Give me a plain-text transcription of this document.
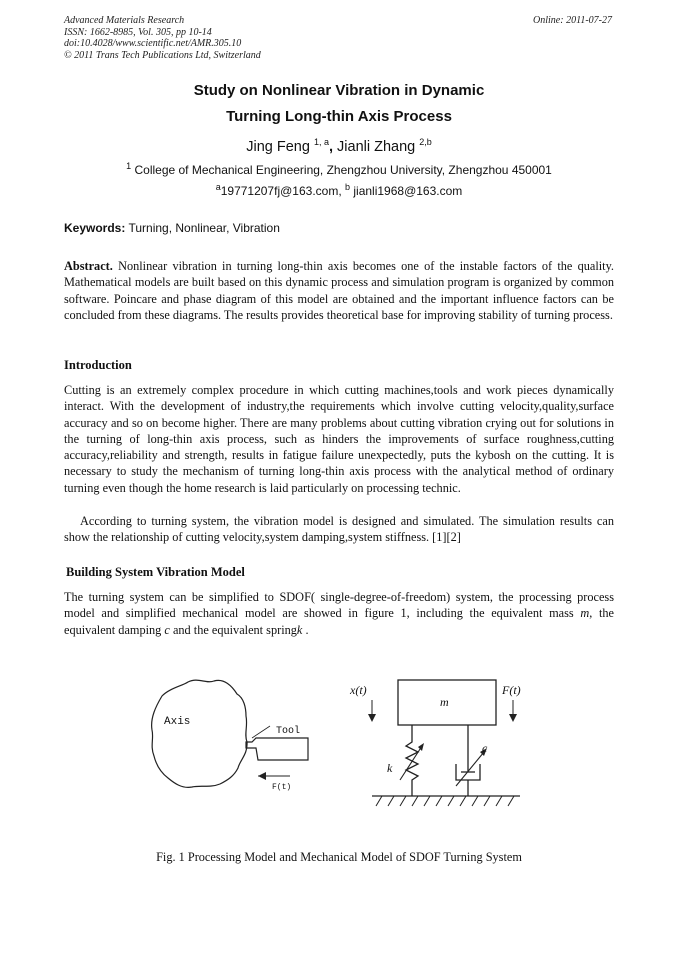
Advanced Materials Research
ISSN: 1662-8985, Vol. 305, pp 10-14
doi:10.4028/www.scientific.net/AMR.305.10
© 2011 Trans Tech Publications Ltd, Switzerland
Online: 2011-07-27
Study on Nonlinear Vibration in Dynamic
Turning Long-thin Axis Process
Jing Feng $^{1, a}$, Jianli Zhang $^{2,b}$
$^1$ College of Mechanical Engineering, Zhengzhou University, Zhengzhou 450001
$^a$19771207fj@163.com, $^b$ jianli1968@163.com
Keywords: Turning, Nonlinear, Vibration
Abstract. Nonlinear vibration in turning long-thin axis becomes one of the instable factors of the quality. Mathematical models are built based on this dynamic process and simulation program is organized by common software. Poincare and phase diagram of this model are obtained and the important influence factors can be concluded from these diagrams. The results provides theoretical base for improving stability of turning process.
Introduction
Cutting is an extremely complex procedure in which cutting machines,tools and work pieces dynamically interact. With the development of industry,the requirements which involve cutting velocity,quality,surface accuracy and so on become higher. There are many problems about cutting vibration crying out for solutions in the turning of long-thin axis process, such as hinders the improvements of surface roughness,cutting accuracy,reliability and strength, results in fatigue failure unexpectedly, puts the kybosh on the cutting. It is necessary to study the mechanism of turning long-thin axis process with the analytical method of ordinary turning even though the home research is laid particularly on processing technic.
According to turning system, the vibration model is designed and simulated. The simulation results can show the relationship of cutting velocity,system damping,system stiffness. [1][2]
Building System Vibration Model
The turning system can be simplified to SDOF( single-degree-of-freedom) system, the processing process model and simplified mechanical model are showed in figure 1, including the equivalent mass m, the equivalent damping c and the equivalent springk .
Axis
Tool
F(t)
m
x(t)	F(t)
k
c
Fig. 1 Processing Model and Mechanical Model of SDOF Turning System
